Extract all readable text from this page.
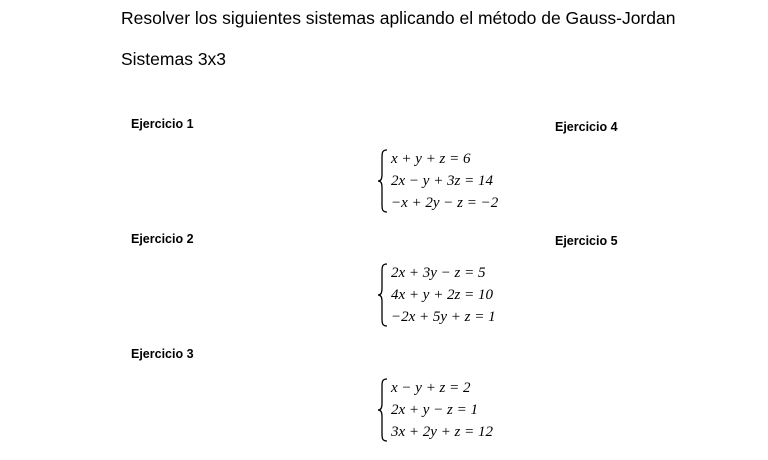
Resolver los siguientes sistemas aplicando el método de Gauss-Jordan
Sistemas 3x3
Ejercicio 1	Ejercicio 4
Ejercicio 2	Ejercicio 5
Ejercicio 3
x + y + z = 6
2x − y + 3z = 14
−x + 2y − z = −2
2x + 3y − z = 5
4x + y + 2z = 10
−2x + 5y + z = 1
x − y + z = 2
2x + y − z = 1
3x + 2y + z = 12
